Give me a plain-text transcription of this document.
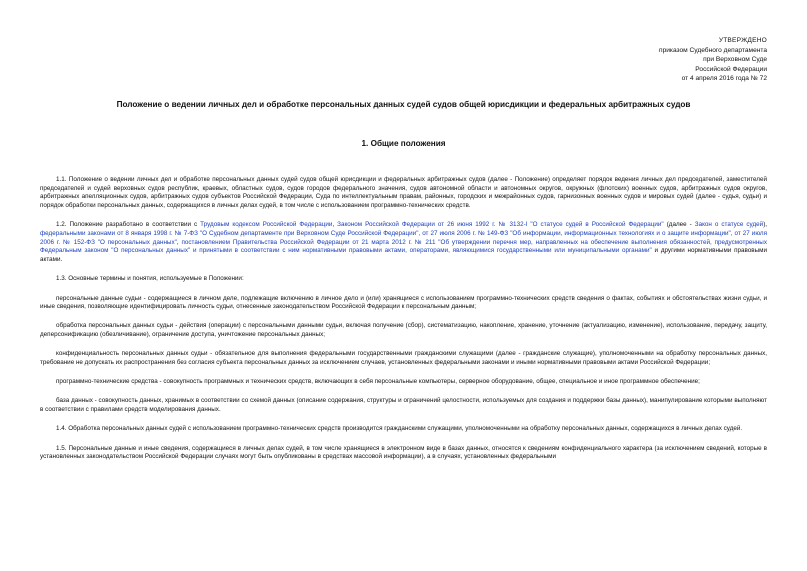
УТВЕРЖДЕНО
приказом Судебного департамента
при Верховном Суде
Российской Федерации
от 4 апреля 2016 года № 72
Положение о ведении личных дел и обработке персональных данных судей судов общей юрисдикции и федеральных арбитражных судов
1. Общие положения

1.1. Положение о ведении личных дел и обработке персональных данных судей судов общей юрисдикции и федеральных арбитражных судов (далее - Положение) определяет порядок ведения личных дел председателей, заместителей председателей и судей верховных судов республик, краевых, областных судов, судов городов федерального значения, судов автономной области и автономных округов, окружных (флотских) военных судов, арбитражных судов округов, арбитражных апелляционных судов, арбитражных судов субъектов Российской Федерации, Суда по интеллектуальным правам, районных, городских и межрайонных судов, гарнизонных военных судов и мировых судей (далее - судья, судьи) и порядок обработки персональных данных, содержащихся в личных делах судей, в том числе с использованием программно-технических средств.

1.2. Положение разработано в соответствии с Трудовым кодексом Российской Федерации, Законом Российской Федерации от 26 июня 1992 г. № 3132-I "О статусе судей в Российской Федерации" (далее - Закон о статусе судей), федеральными законами от 8 января 1998 г. № 7-ФЗ "О Судебном департаменте при Верховном Суде Российской Федерации", от 27 июля 2006 г. № 149-ФЗ "Об информации, информационных технологиях и о защите информации", от 27 июля 2006 г. № 152-ФЗ "О персональных данных", постановлением Правительства Российской Федерации от 21 марта 2012 г. № 211 "Об утверждении перечня мер, направленных на обеспечение выполнения обязанностей, предусмотренных Федеральным законом "О персональных данных" и принятыми в соответствии с ним нормативными правовыми актами, операторами, являющимися государственными или муниципальными органами" и другими нормативными правовыми актами.

1.3. Основные термины и понятия, используемые в Положении:

персональные данные судьи - содержащиеся в личном деле, подлежащие включению в личное дело и (или) хранящиеся с использованием программно-технических средств сведения о фактах, событиях и обстоятельствах жизни судьи, и иные сведения, позволяющие идентифицировать личность судьи, отнесенные законодательством Российской Федерации к персональным данным;

обработка персональных данных судьи - действия (операции) с персональными данными судьи, включая получение (сбор), систематизацию, накопление, хранение, уточнение (актуализацию, изменение), использование, передачу, защиту, деперсонификацию (обезличивание), ограничение доступа, уничтожение персональных данных;

конфиденциальность персональных данных судьи - обязательное для выполнения федеральными государственными гражданскими служащими (далее - гражданские служащие), уполномоченными на обработку персональных данных, требование не допускать их распространения без согласия субъекта персональных данных за исключением случаев, установленных федеральными законами и иными нормативными правовыми актами Российской Федерации;

программно-технические средства - совокупность программных и технических средств, включающих в себя персональные компьютеры, серверное оборудование, общее, специальное и иное программное обеспечение;

база данных - совокупность данных, хранимых в соответствии со схемой данных (описание содержания, структуры и ограничений целостности, используемых для создания и поддержки базы данных), манипулирование которыми выполняют в соответствии с правилами средств моделирования данных.

1.4. Обработка персональных данных судей с использованием программно-технических средств производится гражданскими служащими, уполномоченными на обработку персональных данных, содержащихся в личных делах судей.

1.5. Персональные данные и иные сведения, содержащиеся в личных делах судей, в том числе хранящиеся в электронном виде в базах данных, относятся к сведениям конфиденциального характера (за исключением сведений, которые в установленных законодательством Российской Федерации случаях могут быть опубликованы в средствах массовой информации), а в случаях, установленных федеральными
